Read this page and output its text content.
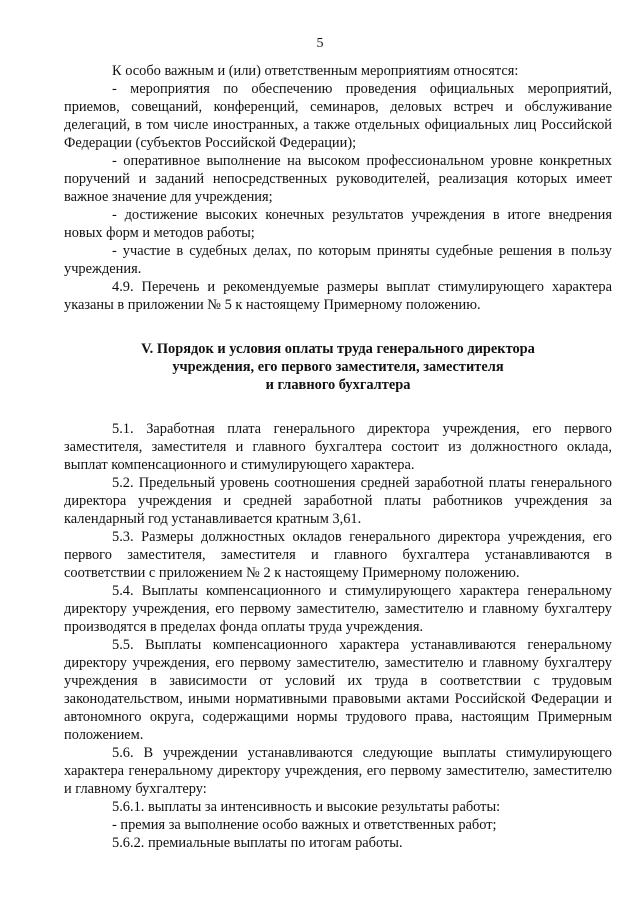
5

К особо важным и (или) ответственным мероприятиям относятся:

- мероприятия по обеспечению проведения официальных мероприятий, приемов, совещаний, конференций, семинаров, деловых встреч и обслуживание делегаций, в том числе иностранных, а также отдельных официальных лиц Российской Федерации (субъектов Российской Федерации);

- оперативное выполнение на высоком профессиональном уровне конкретных поручений и заданий непосредственных руководителей, реализация которых имеет важное значение для учреждения;

- достижение высоких конечных результатов учреждения в итоге внедрения новых форм и методов работы;

- участие в судебных делах, по которым приняты судебные решения в пользу учреждения.

4.9. Перечень и рекомендуемые размеры выплат стимулирующего характера указаны в приложении № 5 к настоящему Примерному положению.

V. Порядок и условия оплаты труда генерального директора
учреждения, его первого заместителя, заместителя
и главного бухгалтера

5.1. Заработная плата генерального директора учреждения, его первого заместителя, заместителя и главного бухгалтера состоит из должностного оклада, выплат компенсационного и стимулирующего характера.

5.2. Предельный уровень соотношения средней заработной платы генерального директора учреждения и средней заработной платы работников учреждения за календарный год устанавливается кратным 3,61.

5.3. Размеры должностных окладов генерального директора учреждения, его первого заместителя, заместителя и главного бухгалтера устанавливаются в соответствии с приложением № 2 к настоящему Примерному положению.

5.4. Выплаты компенсационного и стимулирующего характера генеральному директору учреждения, его первому заместителю, заместителю и главному бухгалтеру производятся в пределах фонда оплаты труда учреждения.

5.5. Выплаты компенсационного характера устанавливаются генеральному директору учреждения, его первому заместителю, заместителю и главному бухгалтеру учреждения в зависимости от условий их труда в соответствии с трудовым законодательством, иными нормативными правовыми актами Российской Федерации и автономного округа, содержащими нормы трудового права, настоящим Примерным положением.

5.6. В учреждении устанавливаются следующие выплаты стимулирующего характера генеральному директору учреждения, его первому заместителю, заместителю и главному бухгалтеру:

5.6.1. выплаты за интенсивность и высокие результаты работы:

- премия за выполнение особо важных и ответственных работ;

5.6.2. премиальные выплаты по итогам работы.
